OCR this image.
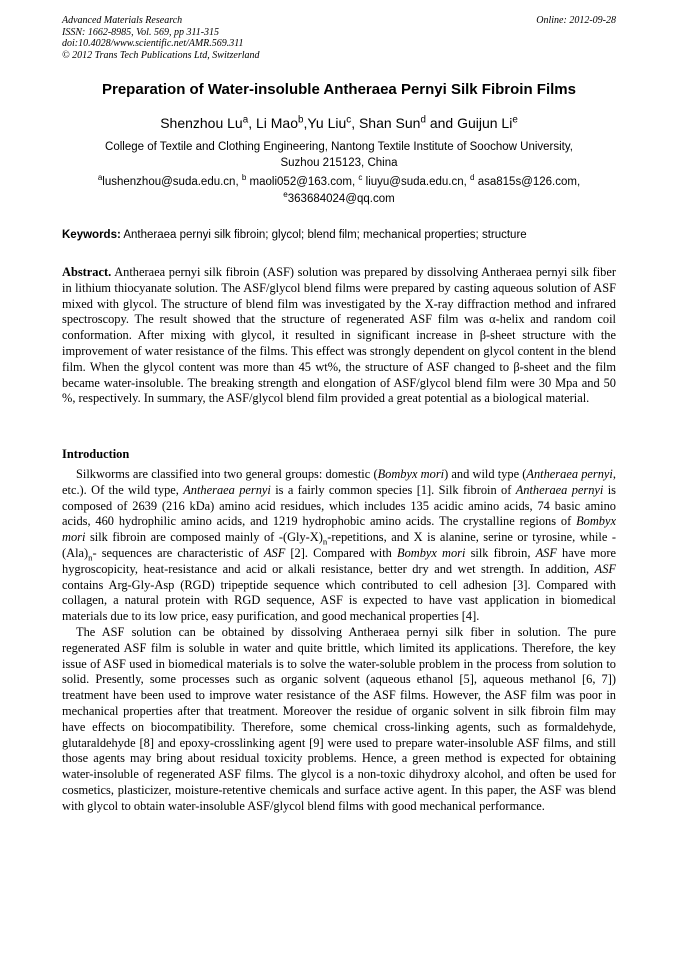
Advanced Materials Research
ISSN: 1662-8985, Vol. 569, pp 311-315
doi:10.4028/www.scientific.net/AMR.569.311
© 2012 Trans Tech Publications Ltd, Switzerland
Online: 2012-09-28
Preparation of Water-insoluble Antheraea Pernyi Silk Fibroin Films
Shenzhou Lu$^a$, Li Mao$^b$,Yu Liu$^c$, Shan Sun$^d$ and Guijun Li$^e$
College of Textile and Clothing Engineering, Nantong Textile Institute of Soochow University,
Suzhou 215123, China
$^a$lushenzhou@suda.edu.cn, $^b$ maoli052@163.com, $^c$ liuyu@suda.edu.cn, $^d$ asa815s@126.com,
$^e$363684024@qq.com
Keywords: Antheraea pernyi silk fibroin; glycol; blend film; mechanical properties; structure
Abstract. Antheraea pernyi silk fibroin (ASF) solution was prepared by dissolving Antheraea pernyi silk fiber in lithium thiocyanate solution. The ASF/glycol blend films were prepared by casting aqueous solution of ASF mixed with glycol. The structure of blend film was investigated by the X-ray diffraction method and infrared spectroscopy. The result showed that the structure of regenerated ASF film was α-helix and random coil conformation. After mixing with glycol, it resulted in significant increase in β-sheet structure with the improvement of water resistance of the films. This effect was strongly dependent on glycol content in the blend film. When the glycol content was more than 45 wt%, the structure of ASF changed to β-sheet and the film became water-insoluble. The breaking strength and elongation of ASF/glycol blend film were 30 Mpa and 50 %, respectively. In summary, the ASF/glycol blend film provided a great potential as a biological material.
Introduction

Silkworms are classified into two general groups: domestic (Bombyx mori) and wild type (Antheraea pernyi, etc.). Of the wild type, Antheraea pernyi is a fairly common species [1]. Silk fibroin of Antheraea pernyi is composed of 2639 (216 kDa) amino acid residues, which includes 135 acidic amino acids, 74 basic amino acids, 460 hydrophilic amino acids, and 1219 hydrophobic amino acids. The crystalline regions of Bombyx mori silk fibroin are composed mainly of $-(Gly-X)_n$-repetitions, and X is alanine, serine or tyrosine, while $-(Ala)_n-$ sequences are characteristic of ASF [2]. Compared with Bombyx mori silk fibroin, ASF have more hygroscopicity, heat-resistance and acid or alkali resistance, better dry and wet strength. In addition, ASF contains Arg-Gly-Asp (RGD) tripeptide sequence which contributed to cell adhesion [3]. Compared with collagen, a natural protein with RGD sequence, ASF is expected to have vast application in biomedical materials due to its low price, easy purification, and good mechanical properties [4].

The ASF solution can be obtained by dissolving Antheraea pernyi silk fiber in solution. The pure regenerated ASF film is soluble in water and quite brittle, which limited its applications. Therefore, the key issue of ASF used in biomedical materials is to solve the water-soluble problem in the process from solution to solid. Presently, some processes such as organic solvent (aqueous ethanol [5], aqueous methanol [6, 7]) treatment have been used to improve water resistance of the ASF films. However, the ASF film was poor in mechanical properties after that treatment. Moreover the residue of organic solvent in silk fibroin film may have effects on biocompatibility. Therefore, some chemical cross-linking agents, such as formaldehyde, glutaraldehyde [8] and epoxy-crosslinking agent [9] were used to prepare water-insoluble ASF films, and still those agents may bring about residual toxicity problems. Hence, a green method is expected for obtaining water-insoluble of regenerated ASF films. The glycol is a non-toxic dihydroxy alcohol, and often be used for cosmetics, plasticizer, moisture-retentive chemicals and surface active agent. In this paper, the ASF was blend with glycol to obtain water-insoluble ASF/glycol blend films with good mechanical performance.
